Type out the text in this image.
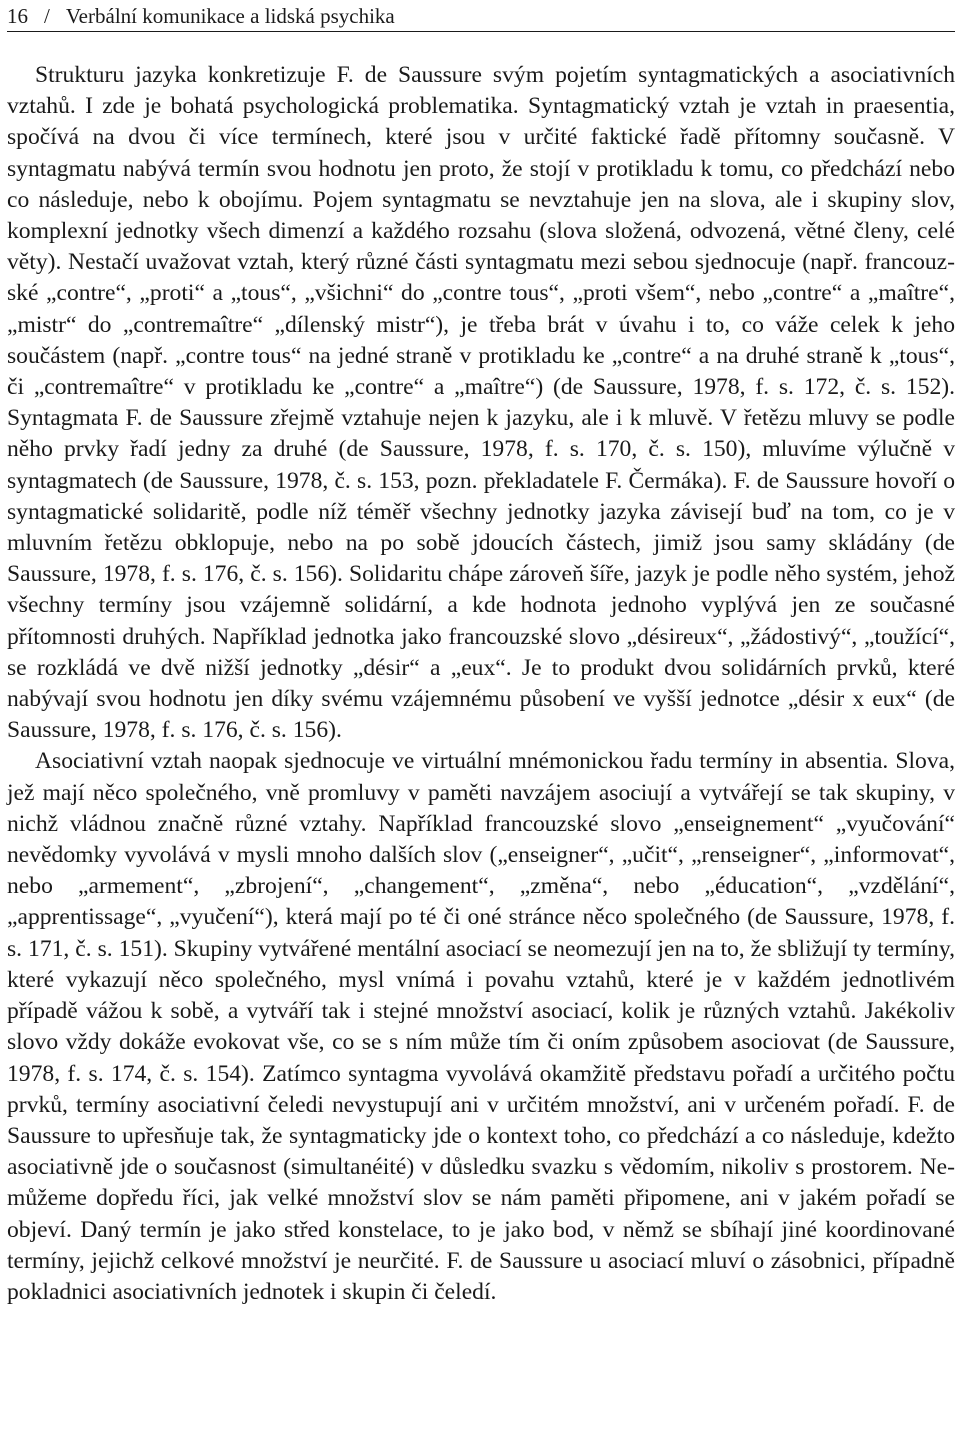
16 / Verbální komunikace a lidská psychika

Strukturu jazyka konkretizuje F. de Saussure svým pojetím syntagmatických a asociativních vztahů. I zde je bohatá psychologická problematika. Syntagmatický vztah je vztah in praesentia, spočívá na dvou či více termínech, které jsou v určité faktické řadě přítomny současně. V syntagmatu nabývá termín svou hodnotu jen proto, že stojí v protikladu k tomu, co předchází nebo co následuje, nebo k obojímu. Pojem syntagmatu se nevztahuje jen na slova, ale i skupiny slov, komplexní jednotky všech dimenzí a každého rozsahu (slova složená, odvozená, větné členy, celé věty). Nestačí uvažovat vztah, který různé části syntagmatu mezi sebou sjednocuje (např. francouzské „contre“, „proti“ a „tous“, „všichni“ do „contre tous“, „proti všem“, nebo „contre“ a „maître“, „mistr“ do „contremaître“ „dílenský mistr“), je třeba brát v úvahu i to, co váže celek k jeho součástem (např. „contre tous“ na jedné straně v protikladu ke „contre“ a na druhé straně k „tous“, či „contremaître“ v protikladu ke „contre“ a „maître“) (de Saussure, 1978, f. s. 172, č. s. 152). Syntagmata F. de Saussure zřejmě vztahuje nejen k jazyku, ale i k mluvě. V řetězu mluvy se podle něho prvky řadí jedny za druhé (de Saussure, 1978, f. s. 170, č. s. 150), mluvíme výlučně v syntagmatech (de Saussure, 1978, č. s. 153, pozn. překladatele F. Čermáka). F. de Saussure hovoří o syntagmatické solidaritě, podle níž téměř všechny jednotky jazyka závisejí buď na tom, co je v mluvním řetězu obklopuje, nebo na po sobě jdoucích částech, jimiž jsou samy skládány (de Saussure, 1978, f. s. 176, č. s. 156). Solidaritu chápe zároveň šíře, jazyk je podle něho systém, jehož všechny termíny jsou vzájemně solidární, a kde hodnota jednoho vyplývá jen ze současné přítomnosti druhých. Například jednotka jako francouzské slovo „désireux“, „žádostivý“, „toužící“, se rozkládá ve dvě nižší jednotky „désir“ a „eux“. Je to produkt dvou solidárních prvků, které nabývají svou hodnotu jen díky svému vzájemnému působení ve vyšší jednotce „désir x eux“ (de Saussure, 1978, f. s. 176, č. s. 156).

Asociativní vztah naopak sjednocuje ve virtuální mnémonickou řadu termíny in absentia. Slova, jež mají něco společného, vně promluvy v paměti navzájem asociují a vytvářejí se tak skupiny, v nichž vládnou značně různé vztahy. Například francouzské slovo „enseignement“ „vyučování“ nevědomky vyvolává v mysli mnoho dalších slov („enseigner“, „učit“, „renseigner“, „informovat“, nebo „armement“, „zbrojení“, „changement“, „změna“, nebo „éducation“, „vzdělání“, „apprentissage“, „vyučení“), která mají po té či oné stránce něco společného (de Saussure, 1978, f. s. 171, č. s. 151). Skupiny vytvářené mentální asociací se neomezují jen na to, že sbližují ty termíny, které vykazují něco společného, mysl vnímá i povahu vztahů, které je v každém jednotlivém případě vážou k sobě, a vytváří tak i stejné množství asociací, kolik je různých vztahů. Jakékoliv slovo vždy dokáže evokovat vše, co se s ním může tím či oním způsobem asociovat (de Saussure, 1978, f. s. 174, č. s. 154). Zatímco syntagma vyvolává okamžitě představu pořadí a určitého počtu prvků, termíny asociativní čeledi nevystupují ani v určitém množství, ani v určeném pořadí. F. de Saussure to upřesňuje tak, že syntagmaticky jde o kontext toho, co předchází a co následuje, kdežto asociativně jde o současnost (simultanéité) v důsledku svazku s vědomím, nikoliv s prostorem. Nemůžeme dopředu říci, jak velké množství slov se nám paměti připomene, ani v jakém pořadí se objeví. Daný termín je jako střed konstelace, to je jako bod, v němž se sbíhají jiné koordinované termíny, jejichž celkové množství je neurčité. F. de Saussure u asociací mluví o zásobnici, případně pokladnici asociativních jednotek i skupin či čeledí.
